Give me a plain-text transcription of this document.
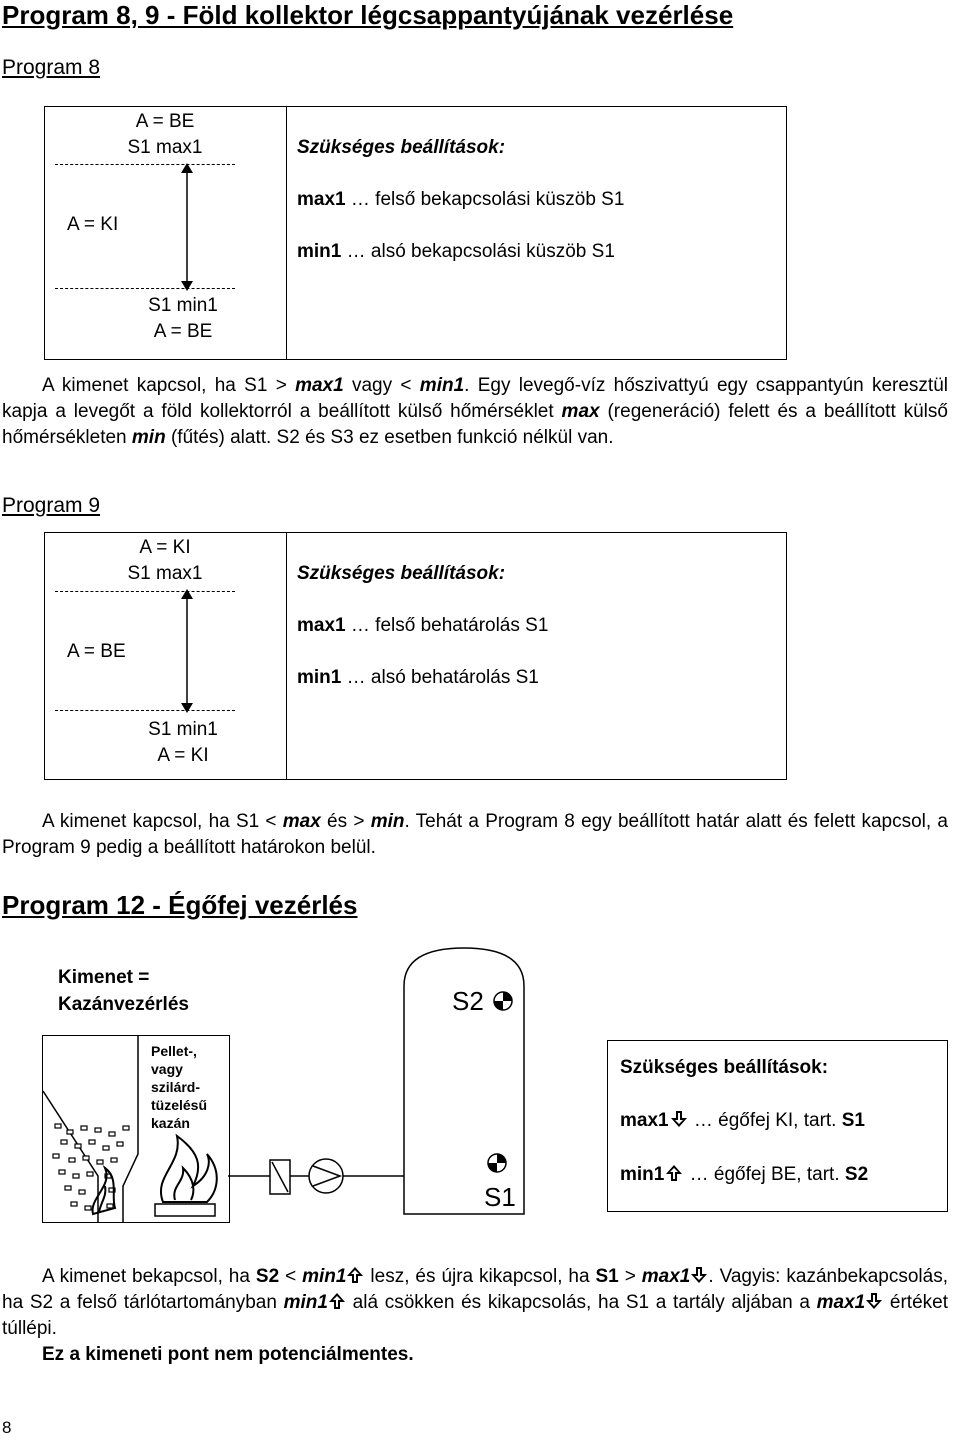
Program 8, 9 - Föld kollektor légcsappantyújának vezérlése
Program 8
A = BE
S1 max1
A = KI
S1 min1
A = BE
Szükséges beállítások:
max1 … felső bekapcsolási küszöb S1
min1 … alsó bekapcsolási küszöb S1
A kimenet kapcsol, ha S1 > max1 vagy < min1. Egy levegő-víz hőszivattyú egy csappantyún keresztül kapja a levegőt a föld kollektorról a beállított külső hőmérséklet max (regeneráció) felett és a beállított külső hőmérsékleten min (fűtés) alatt. S2 és S3 ez esetben funkció nélkül van.
Program 9
A = KI
S1 max1
A = BE
S1 min1
A = KI
Szükséges beállítások:
max1 … felső behatárolás S1
min1 … alsó behatárolás S1
A kimenet kapcsol, ha S1 < max és > min. Tehát a Program 8 egy beállított határ alatt és felett kapcsol, a Program 9 pedig a beállított határokon belül.
Program 12 - Égőfej vezérlés
Kimenet =
Kazánvezérlés
Pellet-,
vagy
szilárd-
tüzelésű
kazán
S2
S1
Szükséges beállítások:
max1 … égőfej KI, tart. S1
min1 … égőfej BE, tart. S2
A kimenet bekapcsol, ha S2 < min1 lesz, és újra kikapcsol, ha S1 > max1 . Vagyis: kazánbekapcsolás, ha S2 a felső tárlótartományban min1 alá csökken és kikapcsolás, ha S1 a tartály aljában a max1 értéket túllépi.
Ez a kimeneti pont nem potenciálmentes.
8
